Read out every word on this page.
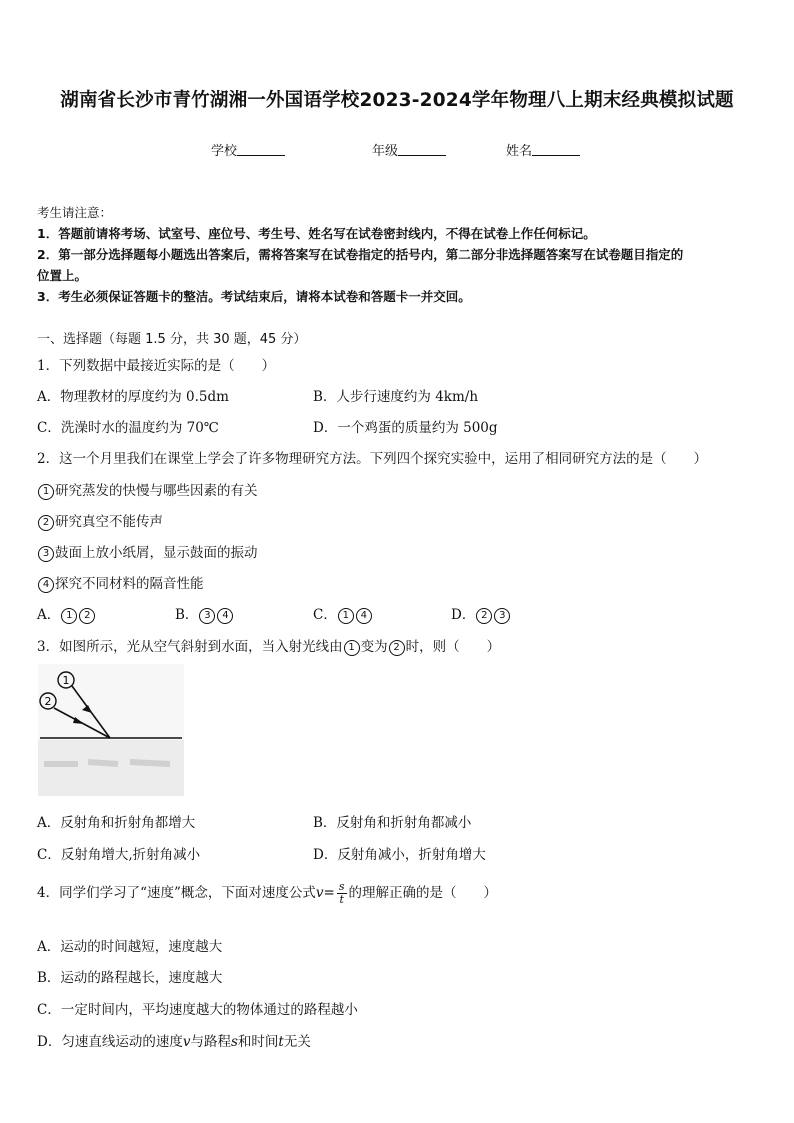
湖南省长沙市青竹湖湘一外国语学校2023-2024学年物理八上期末经典模拟试题
学校	年级	姓名
考生请注意：
1．答题前请将考场、试室号、座位号、考生号、姓名写在试卷密封线内，不得在试卷上作任何标记。
2．第一部分选择题每小题选出答案后，需将答案写在试卷指定的括号内，第二部分非选择题答案写在试卷题目指定的
位置上。
3．考生必须保证答题卡的整洁。考试结束后，请将本试卷和答题卡一并交回。
一、选择题（每题 1.5 分，共 30 题，45 分）
1．下列数据中最接近实际的是（　　）
A．物理教材的厚度约为 0.5dm	B．人步行速度约为 4km/h
C．洗澡时水的温度约为 70℃	D．一个鸡蛋的质量约为 500g
2．这一个月里我们在课堂上学会了许多物理研究方法。下列四个探究实验中，运用了相同研究方法的是（　　）
1 研究蒸发的快慢与哪些因素的有关
2 研究真空不能传声
3 鼓面上放小纸屑，显示鼓面的振动
4 探究不同材料的隔音性能
A． 1 2	B． 3 4	C． 1 4	D． 2 3
3．如图所示，光从空气斜射到水面，当入射光线由 1 变为 2 时，则（　　）
1
2
A．反射角和折射角都增大	B．反射角和折射角都减小
C．反射角增大,折射角减小	D．反射角减小，折射角增大
4．同学们学习了“速度”概念，下面对速度公式$v= \frac{s}{t}$ 的理解正确的是（　　）
A．运动的时间越短，速度越大
B．运动的路程越长，速度越大
C．一定时间内，平均速度越大的物体通过的路程越小
D．匀速直线运动的速度v与路程s和时间t无关
